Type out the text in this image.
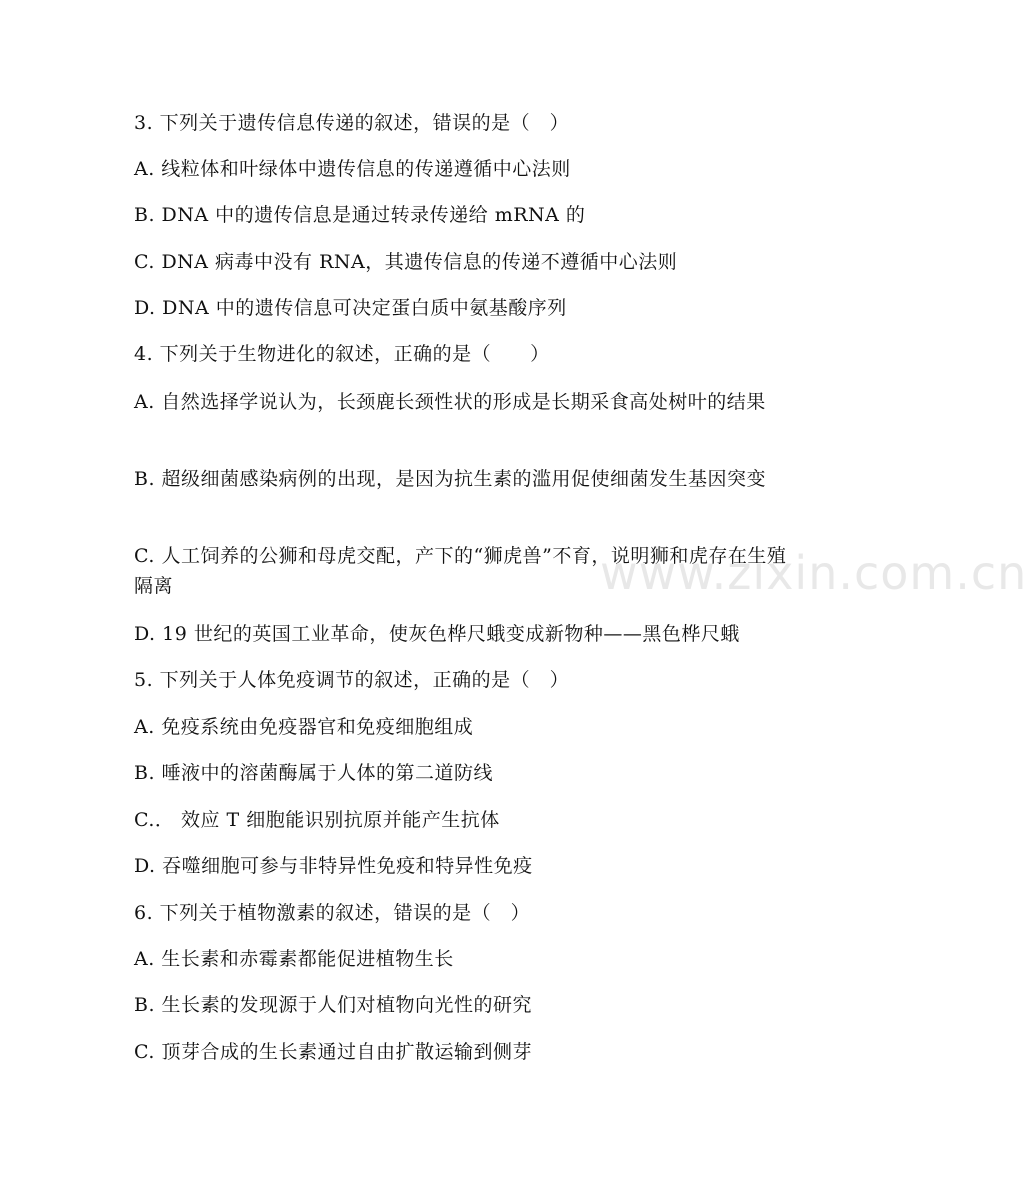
www.zixin.com.cn
3. 下列关于遗传信息传递的叙述，错误的是（　）
A. 线粒体和叶绿体中遗传信息的传递遵循中心法则
B. DNA 中的遗传信息是通过转录传递给 mRNA 的
C. DNA 病毒中没有 RNA，其遗传信息的传递不遵循中心法则
D. DNA 中的遗传信息可决定蛋白质中氨基酸序列
4. 下列关于生物进化的叙述，正确的是（　　）
A. 自然选择学说认为，长颈鹿长颈性状的形成是长期采食高处树叶的结果
B. 超级细菌感染病例的出现，是因为抗生素的滥用促使细菌发生基因突变
C. 人工饲养的公狮和母虎交配，产下的“狮虎兽”不育，说明狮和虎存在生殖隔离
D. 19 世纪的英国工业革命，使灰色桦尺蛾变成新物种——黑色桦尺蛾
5. 下列关于人体免疫调节的叙述，正确的是（　）
A. 免疫系统由免疫器官和免疫细胞组成
B. 唾液中的溶菌酶属于人体的第二道防线
C.． 效应 T 细胞能识别抗原并能产生抗体
D. 吞噬细胞可参与非特异性免疫和特异性免疫
6. 下列关于植物激素的叙述，错误的是（　）
A. 生长素和赤霉素都能促进植物生长
B. 生长素的发现源于人们对植物向光性的研究
C. 顶芽合成的生长素通过自由扩散运输到侧芽
